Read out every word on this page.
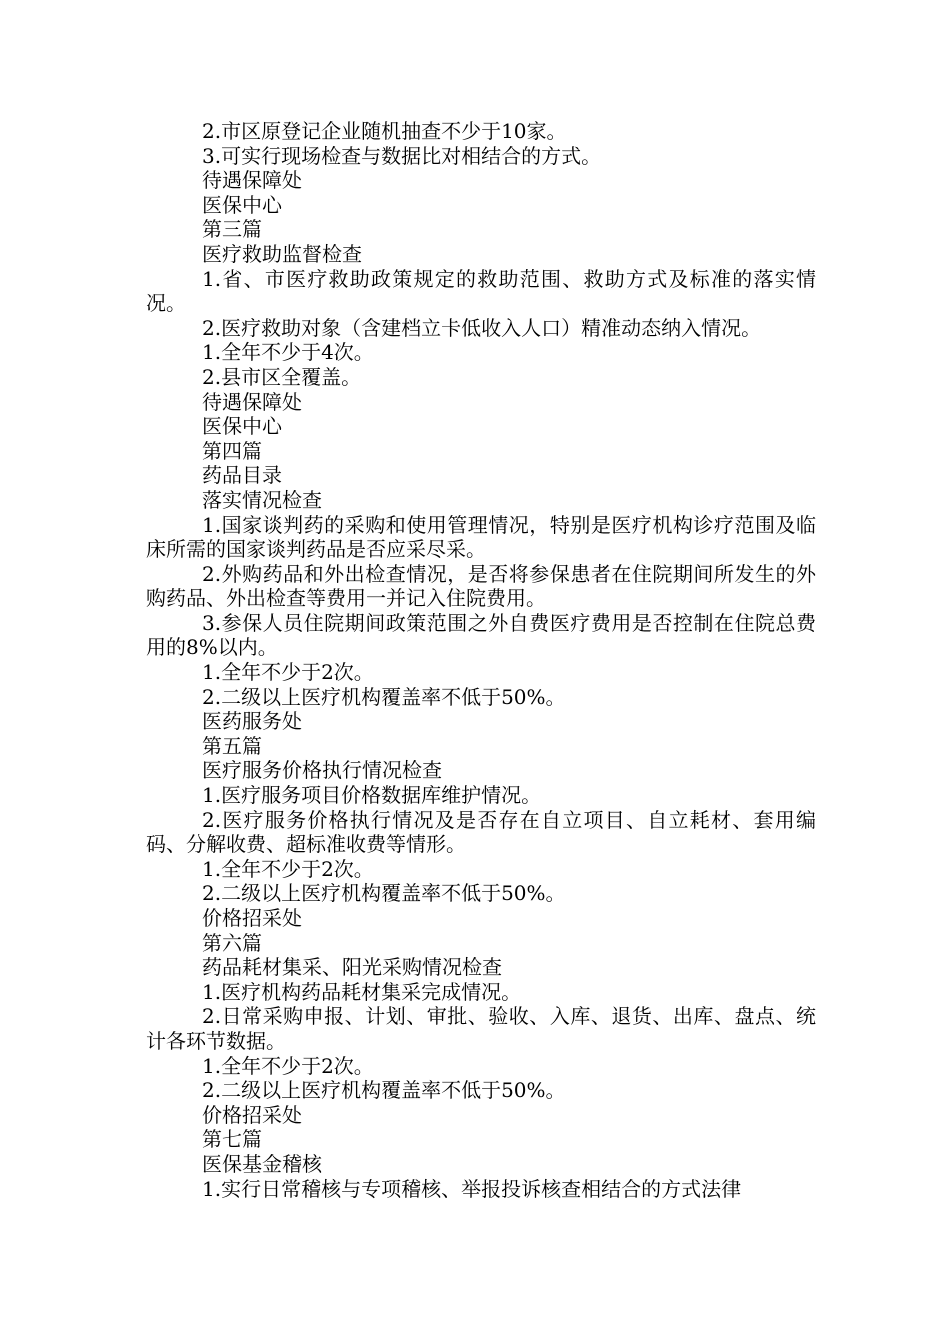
2.市区原登记企业随机抽查不少于10家。

3.可实行现场检查与数据比对相结合的方式。

待遇保障处

医保中心

第三篇

医疗救助监督检查

1.省、市医疗救助政策规定的救助范围、救助方式及标准的落实情况。

2.医疗救助对象（含建档立卡低收入人口）精准动态纳入情况。

1.全年不少于4次。

2.县市区全覆盖。

待遇保障处

医保中心

第四篇

药品目录

落实情况检查

1.国家谈判药的采购和使用管理情况，特别是医疗机构诊疗范围及临床所需的国家谈判药品是否应采尽采。

2.外购药品和外出检查情况，是否将参保患者在住院期间所发生的外购药品、外出检查等费用一并记入住院费用。

3.参保人员住院期间政策范围之外自费医疗费用是否控制在住院总费用的8%以内。

1.全年不少于2次。

2.二级以上医疗机构覆盖率不低于50%。

医药服务处

第五篇

医疗服务价格执行情况检查

1.医疗服务项目价格数据库维护情况。

2.医疗服务价格执行情况及是否存在自立项目、自立耗材、套用编码、分解收费、超标准收费等情形。

1.全年不少于2次。

2.二级以上医疗机构覆盖率不低于50%。

价格招采处

第六篇

药品耗材集采、阳光采购情况检查

1.医疗机构药品耗材集采完成情况。

2.日常采购申报、计划、审批、验收、入库、退货、出库、盘点、统计各环节数据。

1.全年不少于2次。

2.二级以上医疗机构覆盖率不低于50%。

价格招采处

第七篇

医保基金稽核

1.实行日常稽核与专项稽核、举报投诉核查相结合的方式法律
